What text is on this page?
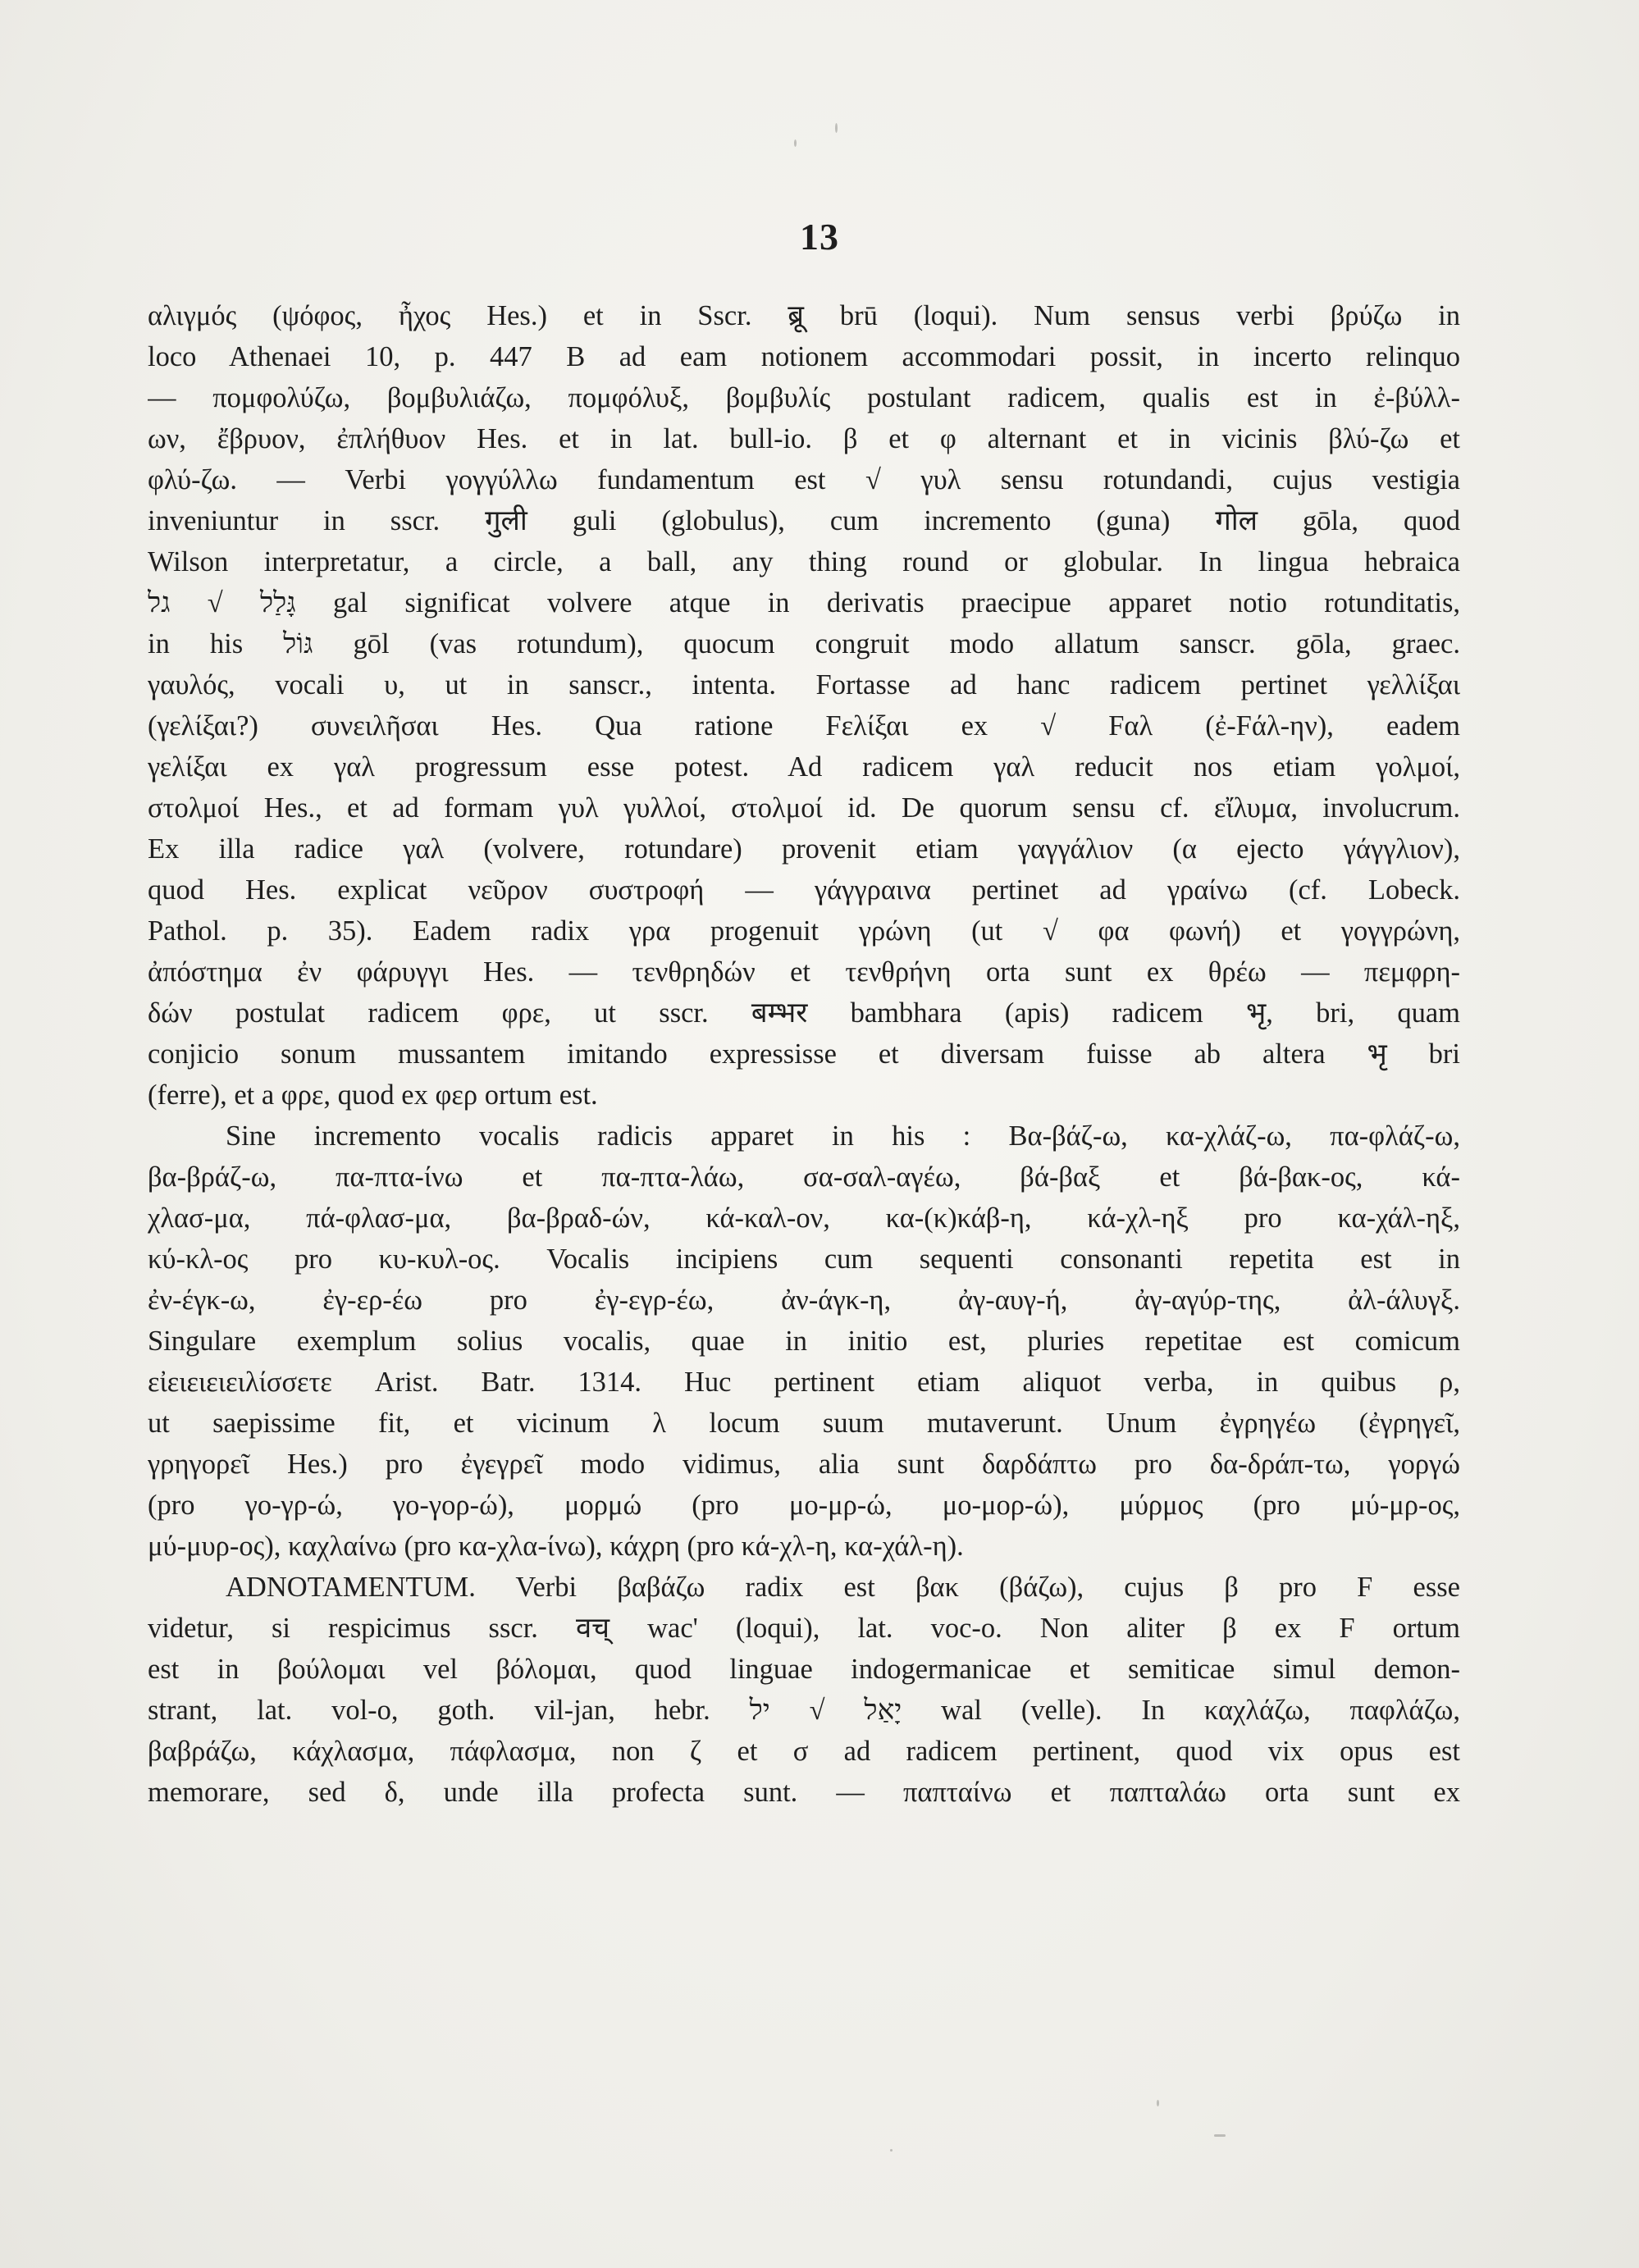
13
αλιγμός (ψόφος, ἦχος Hes.) et in Sscr. ब्रू brū (loqui). Num sensus verbi βρύζω in
loco Athenaei 10, p. 447 B ad eam notionem accommodari possit, in incerto relinquo
— πομφολύζω, βομβυλιάζω, πομφόλυξ, βομβυλίς postulant radicem, qualis est in ἐ-βύλλ-
ων, ἔβρυον, ἐπλήθυον Hes. et in lat. bull-io. β et φ alternant et in vicinis βλύ-ζω et
φλύ-ζω. — Verbi γογγύλλω fundamentum est √ γυλ sensu rotundandi, cujus vestigia
inveniuntur in sscr. गुली guli (globulus), cum incremento (guna) गोल gōla, quod
Wilson interpretatur, a circle, a ball, any thing round or globular. In lingua hebraica
גָּלַל √ גל gal significat volvere atque in derivatis praecipue apparet notio rotunditatis,
in his גּוֹל gōl (vas rotundum), quocum congruit modo allatum sanscr. gōla, graec.
γαυλός, vocali υ, ut in sanscr., intenta. Fortasse ad hanc radicem pertinet γελλίξαι
(γελίξαι?) συνειλῆσαι Hes. Qua ratione Fελίξαι ex √ Fαλ (ἐ-Fάλ-ην), eadem
γελίξαι ex γαλ progressum esse potest. Ad radicem γαλ reducit nos etiam γολμοί,
στολμοί Hes., et ad formam γυλ γυλλοί, στολμοί id. De quorum sensu cf. εἴλυμα, involucrum.
Ex illa radice γαλ (volvere, rotundare) provenit etiam γαγγάλιον (α ejecto γάγγλιον),
quod Hes. explicat νεῦρον συστροφή — γάγγραινα pertinet ad γραίνω (cf. Lobeck.
Pathol. p. 35). Eadem radix γρα progenuit γρώνη (ut √ φα φωνή) et γογγρώνη,
ἀπόστημα ἐν φάρυγγι Hes. — τενθρηδών et τενθρήνη orta sunt ex θρέω — πεμφρη-
δών postulat radicem φρε, ut sscr. बम्भर bambhara (apis) radicem भृ, bri, quam
conjicio sonum mussantem imitando expressisse et diversam fuisse ab altera भृ bri
(ferre), et a φρε, quod ex φερ ortum est.
Sine incremento vocalis radicis apparet in his : Βα-βάζ-ω, κα-χλάζ-ω, πα-φλάζ-ω,
βα-βράζ-ω, πα-πτα-ίνω et πα-πτα-λάω, σα-σαλ-αγέω, βά-βαξ et βά-βακ-ος, κά-
χλασ-μα, πά-φλασ-μα, βα-βραδ-ών, κά-καλ-ον, κα-(κ)κάβ-η, κά-χλ-ηξ pro κα-χάλ-ηξ,
κύ-κλ-ος pro κυ-κυλ-ος. Vocalis incipiens cum sequenti consonanti repetita est in
ἐν-έγκ-ω, ἐγ-ερ-έω pro ἐγ-εγρ-έω, ἀν-άγκ-η, ἀγ-αυγ-ή, ἀγ-αγύρ-της, ἀλ-άλυγξ.
Singulare exemplum solius vocalis, quae in initio est, pluries repetitae est comicum
εἰειειειειλίσσετε Arist. Batr. 1314. Huc pertinent etiam aliquot verba, in quibus ρ,
ut saepissime fit, et vicinum λ locum suum mutaverunt. Unum ἐγρηγέω (ἐγρηγεῖ,
γρηγορεῖ Hes.) pro ἐγεγρεῖ modo vidimus, alia sunt δαρδάπτω pro δα-δράπ-τω, γοργώ
(pro γο-γρ-ώ, γο-γορ-ώ), μορμώ (pro μο-μρ-ώ, μο-μορ-ώ), μύρμος (pro μύ-μρ-ος,
μύ-μυρ-ος), καχλαίνω (pro κα-χλα-ίνω), κάχρη (pro κά-χλ-η, κα-χάλ-η).
ADNOTAMENTUM. Verbi βαβάζω radix est βακ (βάζω), cujus β pro F esse
videtur, si respicimus sscr. वच् wac' (loqui), lat. voc-o. Non aliter β ex F ortum
est in βούλομαι vel βόλομαι, quod linguae indogermanicae et semiticae simul demon-
strant, lat. vol-o, goth. vil-jan, hebr. יָאַל √ יל wal (velle). In καχλάζω, παφλάζω,
βαβράζω, κάχλασμα, πάφλασμα, non ζ et σ ad radicem pertinent, quod vix opus est
memorare, sed δ, unde illa profecta sunt. — παπταίνω et παπταλάω orta sunt ex
